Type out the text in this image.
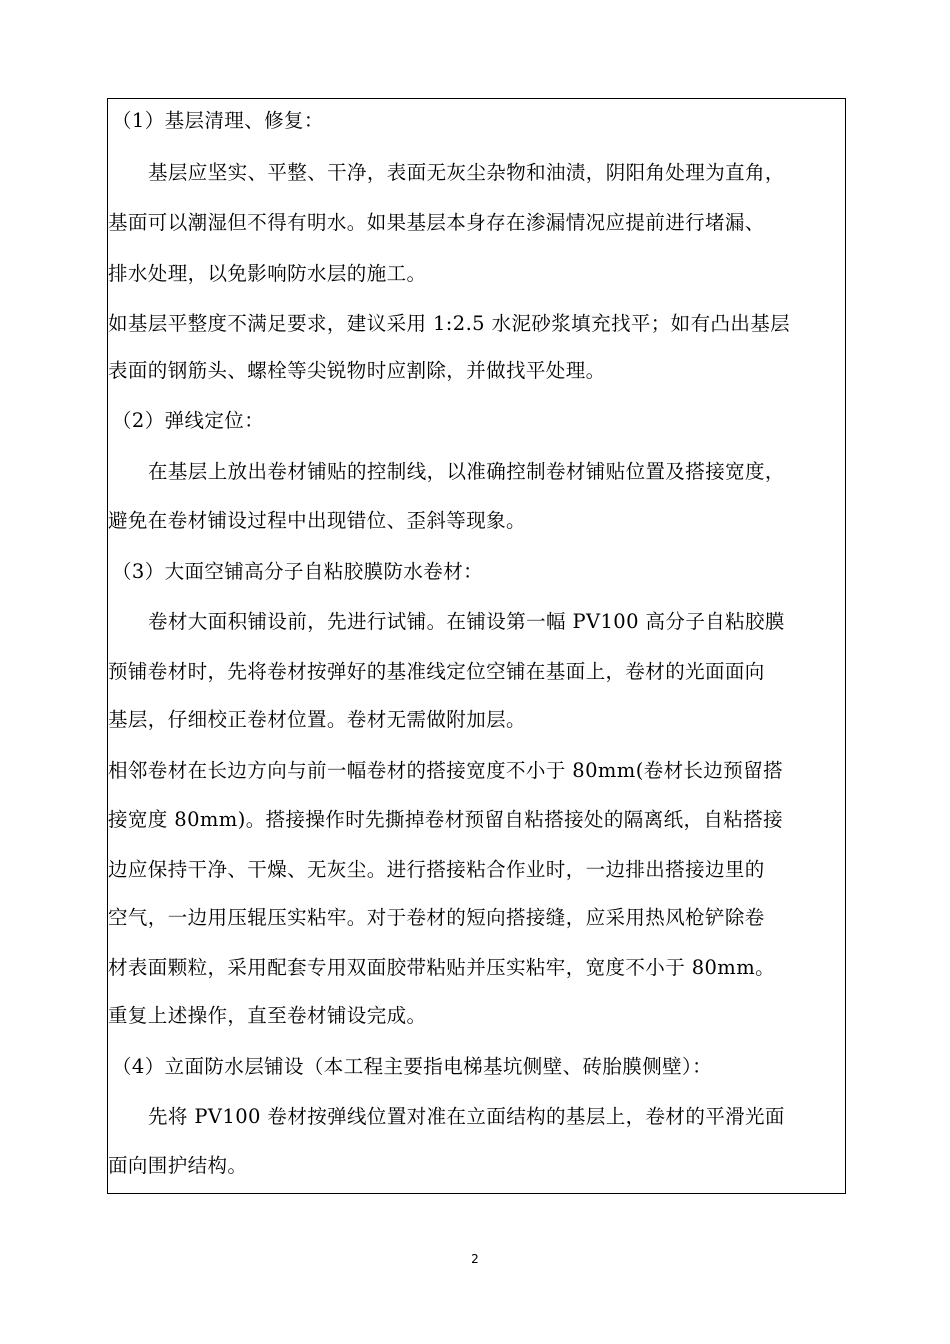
（1）基层清理、修复：
基层应坚实、平整、干净，表面无灰尘杂物和油渍，阴阳角处理为直角，
基面可以潮湿但不得有明水。如果基层本身存在渗漏情况应提前进行堵漏、
排水处理，以免影响防水层的施工。
如基层平整度不满足要求，建议采用 1:2.5 水泥砂浆填充找平；如有凸出基层
表面的钢筋头、螺栓等尖锐物时应割除，并做找平处理。
（2）弹线定位：
在基层上放出卷材铺贴的控制线，以准确控制卷材铺贴位置及搭接宽度，
避免在卷材铺设过程中出现错位、歪斜等现象。
（3）大面空铺高分子自粘胶膜防水卷材：
卷材大面积铺设前，先进行试铺。在铺设第一幅 PV100 高分子自粘胶膜
预铺卷材时，先将卷材按弹好的基准线定位空铺在基面上，卷材的光面面向
基层，仔细校正卷材位置。卷材无需做附加层。
相邻卷材在长边方向与前一幅卷材的搭接宽度不小于 80mm(卷材长边预留搭
接宽度 80mm)。搭接操作时先撕掉卷材预留自粘搭接处的隔离纸，自粘搭接
边应保持干净、干燥、无灰尘。进行搭接粘合作业时，一边排出搭接边里的
空气，一边用压辊压实粘牢。对于卷材的短向搭接缝，应采用热风枪铲除卷
材表面颗粒，采用配套专用双面胶带粘贴并压实粘牢，宽度不小于 80mm。
重复上述操作，直至卷材铺设完成。
（4）立面防水层铺设（本工程主要指电梯基坑侧壁、砖胎膜侧壁）：
先将 PV100 卷材按弹线位置对准在立面结构的基层上，卷材的平滑光面
面向围护结构。
2
